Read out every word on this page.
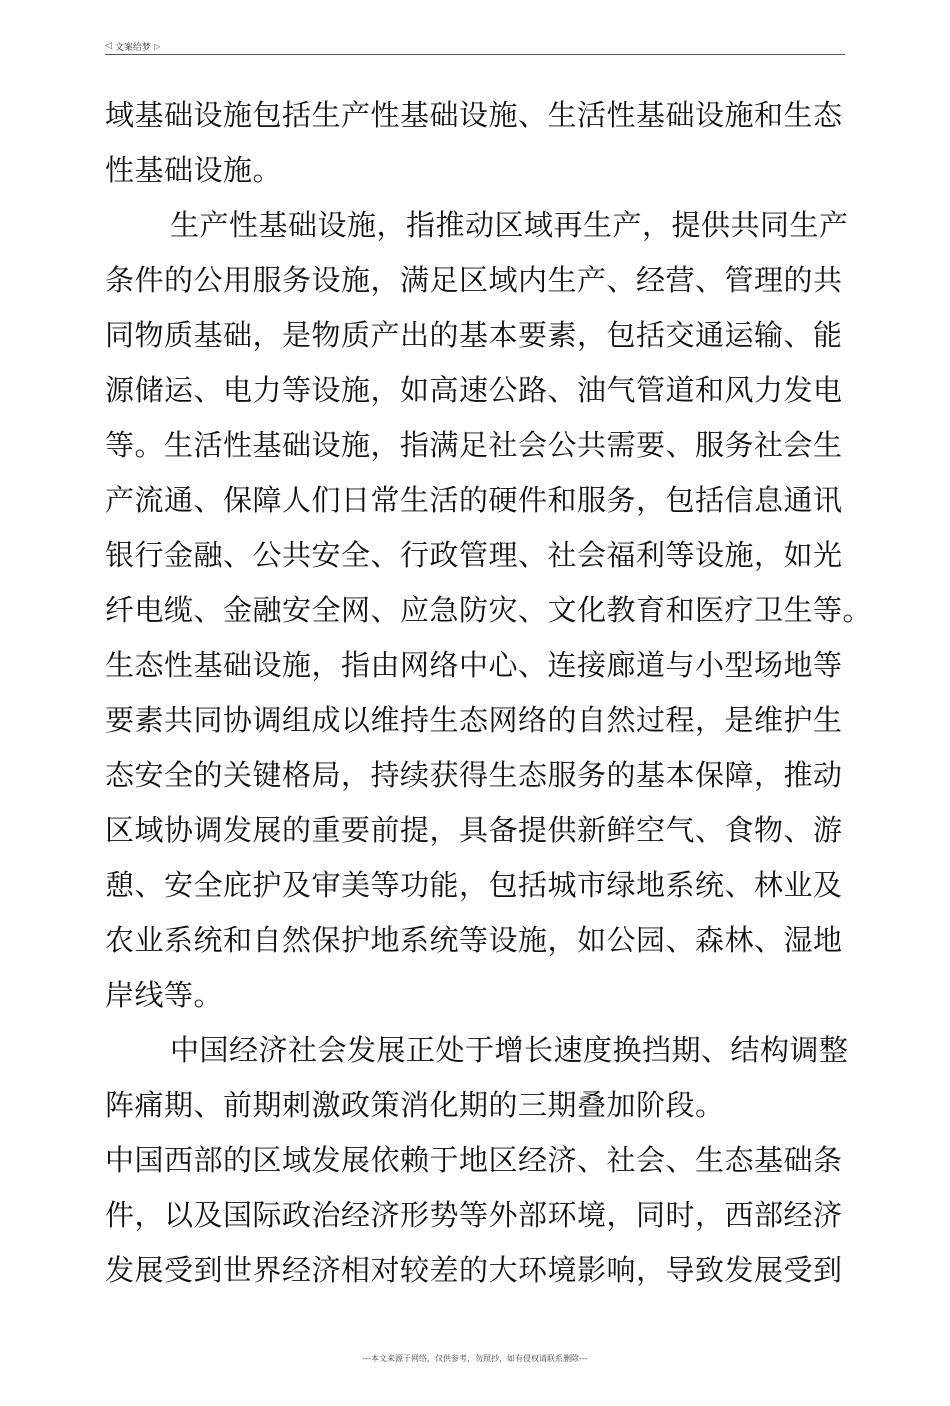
◁ 文案给梦 ▷
域基础设施包括生产性基础设施、生活性基础设施和生态
性基础设施。
生产性基础设施，指推动区域再生产，提供共同生产
条件的公用服务设施，满足区域内生产、经营、管理的共
同物质基础，是物质产出的基本要素，包括交通运输、能
源储运、电力等设施，如高速公路、油气管道和风力发电
等。生活性基础设施，指满足社会公共需要、服务社会生
产流通、保障人们日常生活的硬件和服务，包括信息通讯
银行金融、公共安全、行政管理、社会福利等设施，如光
纤电缆、金融安全网、应急防灾、文化教育和医疗卫生等。
生态性基础设施，指由网络中心、连接廊道与小型场地等
要素共同协调组成以维持生态网络的自然过程，是维护生
态安全的关键格局，持续获得生态服务的基本保障，推动
区域协调发展的重要前提，具备提供新鲜空气、食物、游
憩、安全庇护及审美等功能，包括城市绿地系统、林业及
农业系统和自然保护地系统等设施，如公园、森林、湿地
岸线等。
中国经济社会发展正处于增长速度换挡期、结构调整
阵痛期、前期刺激政策消化期的三期叠加阶段。
中国西部的区域发展依赖于地区经济、社会、生态基础条
件，以及国际政治经济形势等外部环境，同时，西部经济
发展受到世界经济相对较差的大环境影响，导致发展受到
---本文来源于网络，仅供参考，勿照抄，如有侵权请联系删除---
